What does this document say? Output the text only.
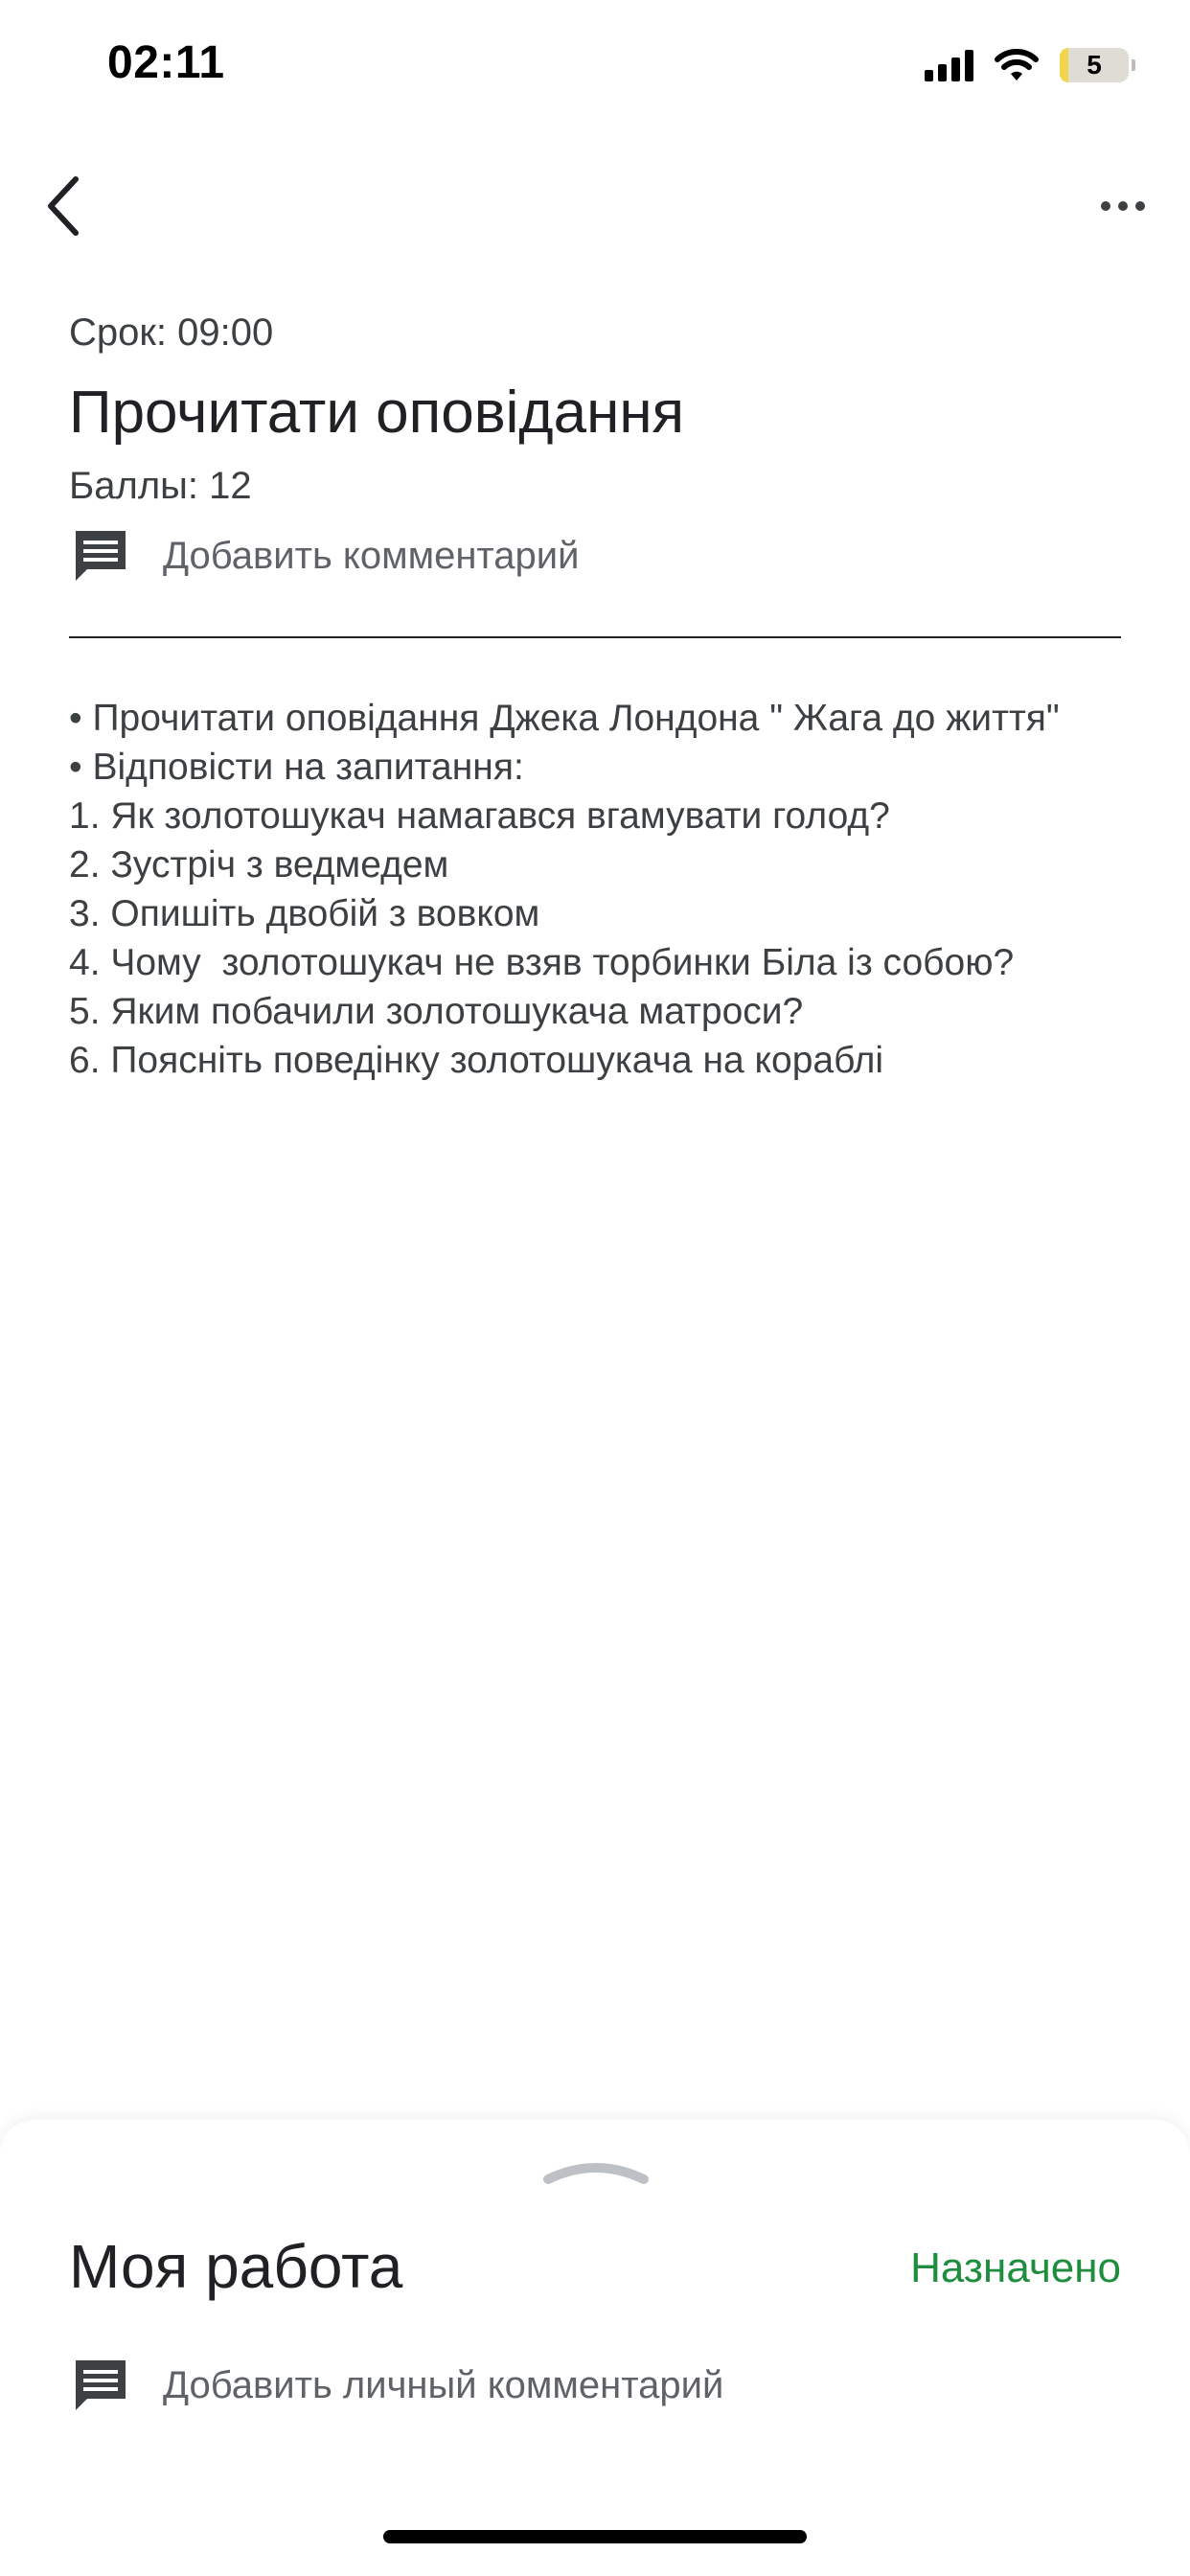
02:11	5
Срок: 09:00
Прочитати оповідання
Баллы: 12
Добавить комментарий

• Прочитати оповідання Джека Лондона " Жага до життя"

• Відповісти на запитання:

1. Як золотошукач намагався вгамувати голод?

2. Зустріч з ведмедем

3. Опишіть двобій з вовком

4. Чому  золотошукач не взяв торбинки Біла із собою?

5. Яким побачили золотошукача матроси?

6. Поясніть поведінку золотошукача на кораблі

Моя работа	Назначено
Добавить личный комментарий
